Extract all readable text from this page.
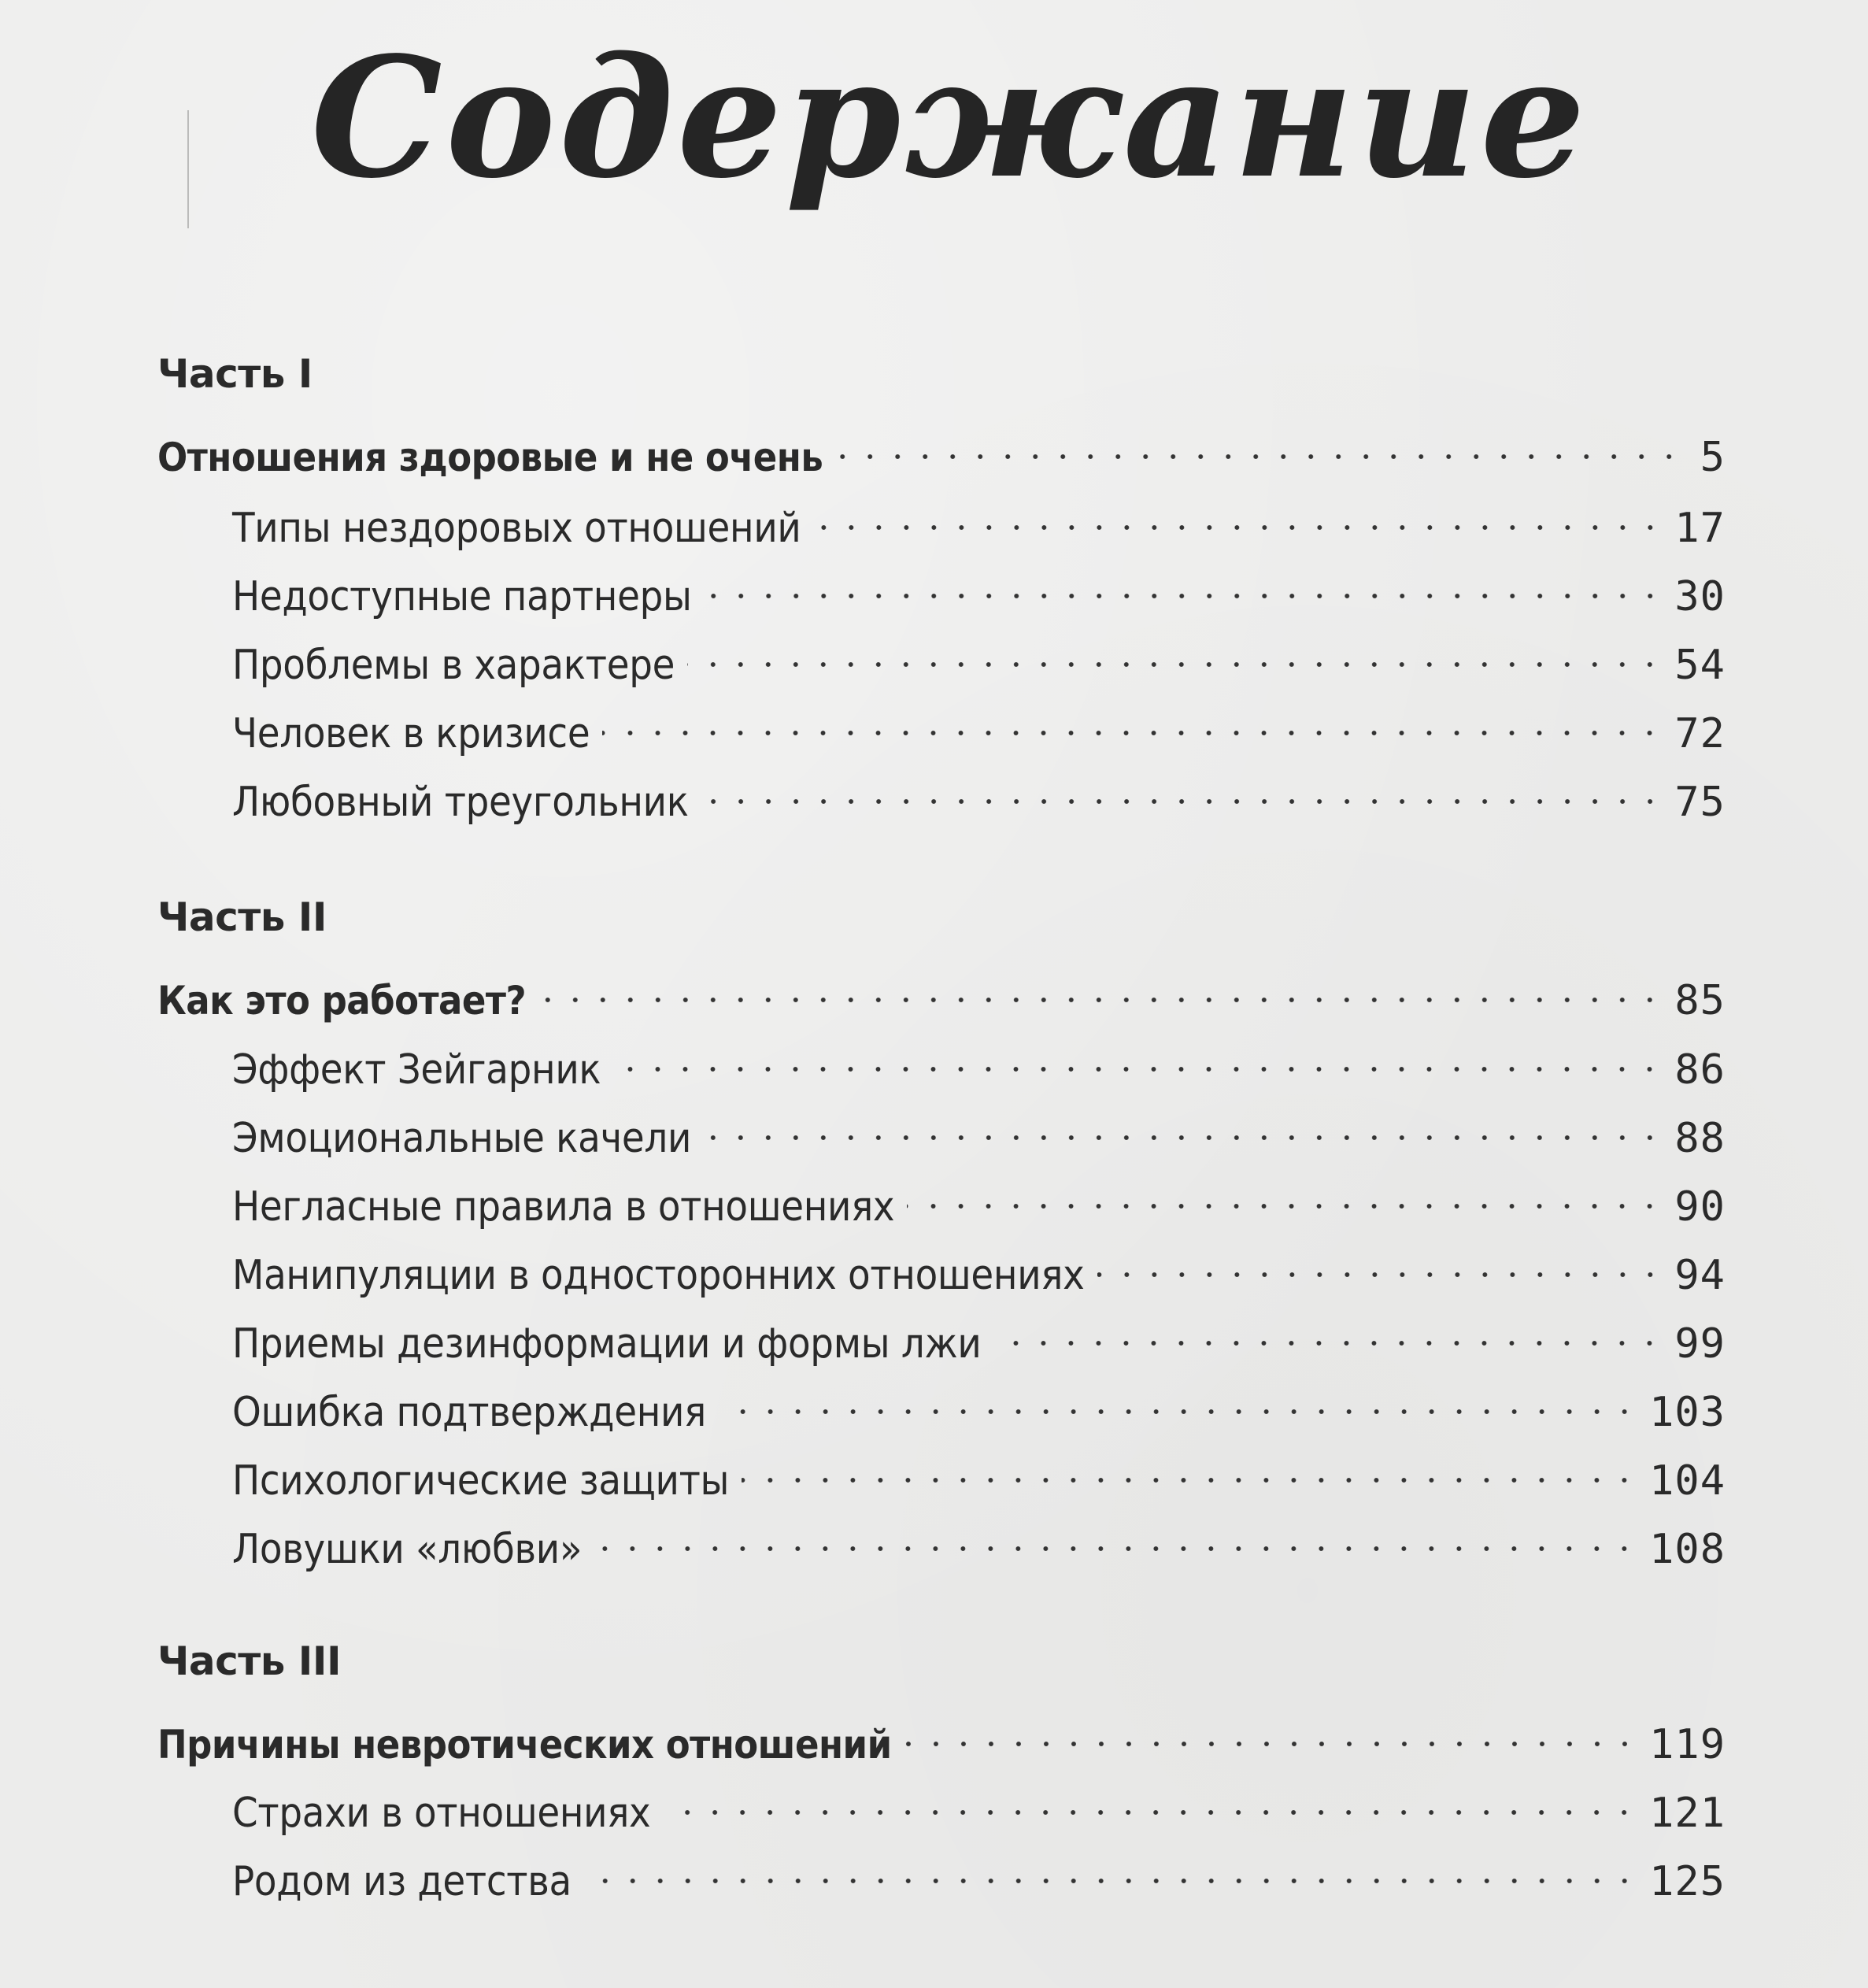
Содержание
Часть I
Отношения здоровые и не очень	5
Типы нездоровых отношений	17
Недоступные партнеры	30
Проблемы в характере	54
Человек в кризисе	72
Любовный треугольник	75
Часть II
Как это работает?	85
Эффект Зейгарник	86
Эмоциональные качели	88
Негласные правила в отношениях	90
Манипуляции в односторонних отношениях	94
Приемы дезинформации и формы лжи	99
Ошибка подтверждения	103
Психологические защиты	104
Ловушки «любви»	108
Часть III
Причины невротических отношений	119
Страхи в отношениях	121
Родом из детства	125
